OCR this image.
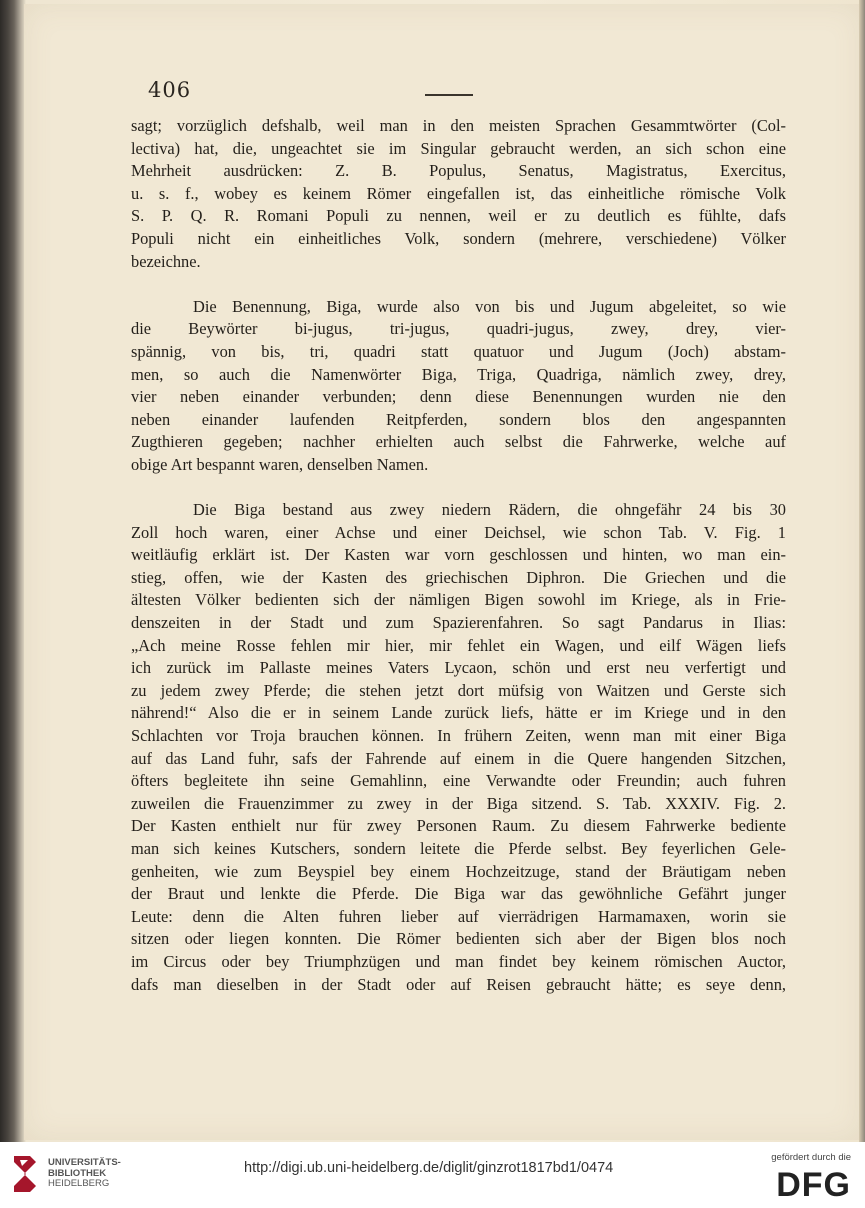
406
sagt; vorzüglich defshalb, weil man in den meisten Sprachen Gesammtwörter (Col-
lectiva) hat, die, ungeachtet sie im Singular gebraucht werden, an sich schon eine
Mehrheit ausdrücken: Z. B. Populus, Senatus, Magistratus, Exercitus,
u. s. f., wobey es keinem Römer eingefallen ist, das einheitliche römische Volk
S. P. Q. R. Romani Populi zu nennen, weil er zu deutlich es fühlte, dafs
Populi nicht ein einheitliches Volk, sondern (mehrere, verschiedene) Völker
bezeichne.
Die Benennung, Biga, wurde also von bis und Jugum abgeleitet, so wie
die Beywörter bi-jugus, tri-jugus, quadri-jugus, zwey, drey, vier-
spännig, von bis, tri, quadri statt quatuor und Jugum (Joch) abstam-
men, so auch die Namenwörter Biga, Triga, Quadriga, nämlich zwey, drey,
vier neben einander verbunden; denn diese Benennungen wurden nie den
neben einander laufenden Reitpferden, sondern blos den angespannten
Zugthieren gegeben; nachher erhielten auch selbst die Fahrwerke, welche auf
obige Art bespannt waren, denselben Namen.
Die Biga bestand aus zwey niedern Rädern, die ohngefähr 24 bis 30
Zoll hoch waren, einer Achse und einer Deichsel, wie schon Tab. V. Fig. 1
weitläufig erklärt ist. Der Kasten war vorn geschlossen und hinten, wo man ein-
stieg, offen, wie der Kasten des griechischen Diphron. Die Griechen und die
ältesten Völker bedienten sich der nämligen Bigen sowohl im Kriege, als in Frie-
denszeiten in der Stadt und zum Spazierenfahren. So sagt Pandarus in Ilias:
„Ach meine Rosse fehlen mir hier, mir fehlet ein Wagen, und eilf Wägen liefs
ich zurück im Pallaste meines Vaters Lycaon, schön und erst neu verfertigt und
zu jedem zwey Pferde; die stehen jetzt dort müfsig von Waitzen und Gerste sich
nährend!“ Also die er in seinem Lande zurück liefs, hätte er im Kriege und in den
Schlachten vor Troja brauchen können. In frühern Zeiten, wenn man mit einer Biga
auf das Land fuhr, safs der Fahrende auf einem in die Quere hangenden Sitzchen,
öfters begleitete ihn seine Gemahlinn, eine Verwandte oder Freundin; auch fuhren
zuweilen die Frauenzimmer zu zwey in der Biga sitzend. S. Tab. XXXIV. Fig. 2.
Der Kasten enthielt nur für zwey Personen Raum. Zu diesem Fahrwerke bediente
man sich keines Kutschers, sondern leitete die Pferde selbst. Bey feyerlichen Gele-
genheiten, wie zum Beyspiel bey einem Hochzeitzuge, stand der Bräutigam neben
der Braut und lenkte die Pferde. Die Biga war das gewöhnliche Gefährt junger
Leute: denn die Alten fuhren lieber auf vierrädrigen Harmamaxen, worin sie
sitzen oder liegen konnten. Die Römer bedienten sich aber der Bigen blos noch
im Circus oder bey Triumphzügen und man findet bey keinem römischen Auctor,
dafs man dieselben in der Stadt oder auf Reisen gebraucht hätte; es seye denn,
UNIVERSITÄTS-
BIBLIOTHEK
HEIDELBERG
http://digi.ub.uni-heidelberg.de/diglit/ginzrot1817bd1/0474
gefördert durch die
DFG
